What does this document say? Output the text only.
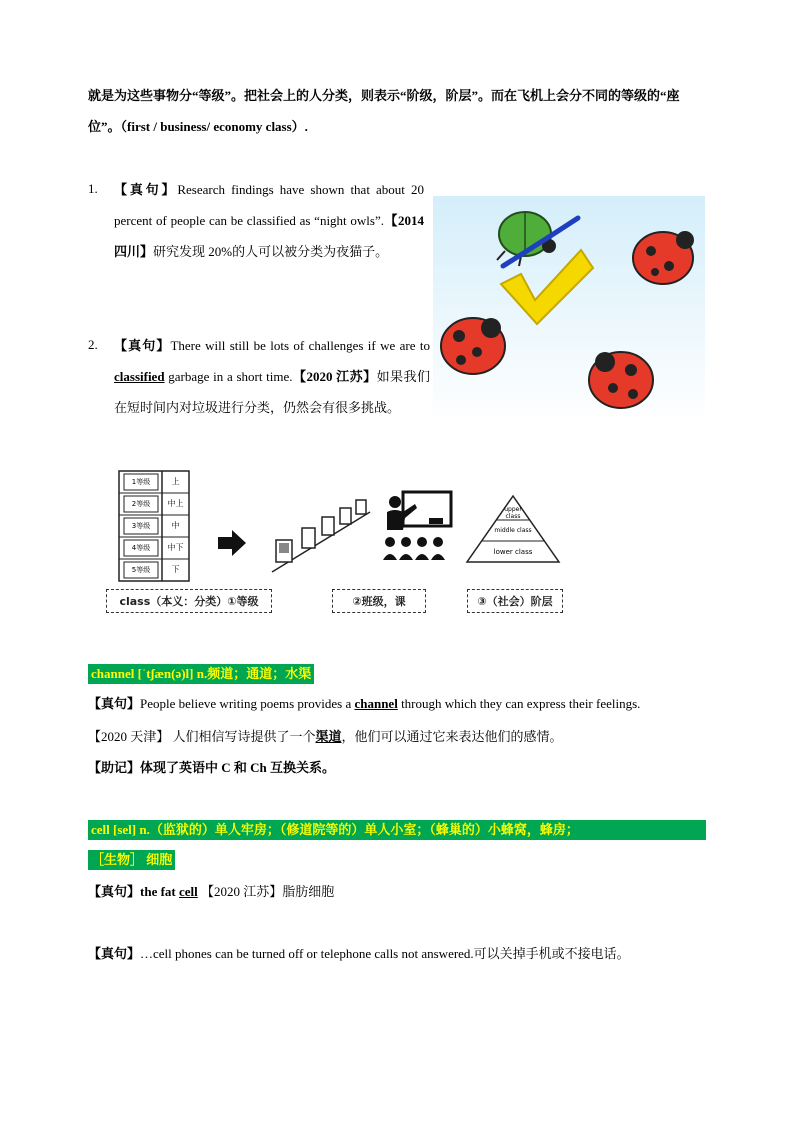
就是为这些事物分“等级”。把社会上的人分类，则表示“阶级，阶层”。而在飞机上会分不同的等级的“座
位”。（first / business/ economy class）.
1. 【真句】Research findings have shown that about 20 percent of people can be classified as “night owls”.【2014 四川】研究发现 20%的人可以被分类为夜猫子。
2. 【真句】There will still be lots of challenges if we are to classified garbage in a short time.【2020 江苏】如果我们在短时间内对垃圾进行分类，仍然会有很多挑战。
1等级
2等级
3等级
4等级
5等级
上
中上
中
中下
下
upper class
middle class
lower class
class（本义：分类）①等级	②班级，课	③（社会）阶层
channel [ˈtʃæn(ə)l] n.频道；通道；水渠
【真句】People believe writing poems provides a channel through which they can express their feelings.
【2020 天津】 人们相信写诗提供了一个渠道，他们可以通过它来表达他们的感情。
【助记】体现了英语中 C 和 Ch 互换关系。
cell [sel] n.（监狱的）单人牢房；（修道院等的）单人小室；（蜂巢的）小蜂窝，蜂房；
［生物］ 细胞
【真句】the fat cell 【2020 江苏】脂肪细胞
【真句】…cell phones can be turned off or telephone calls not answered.可以关掉手机或不接电话。
